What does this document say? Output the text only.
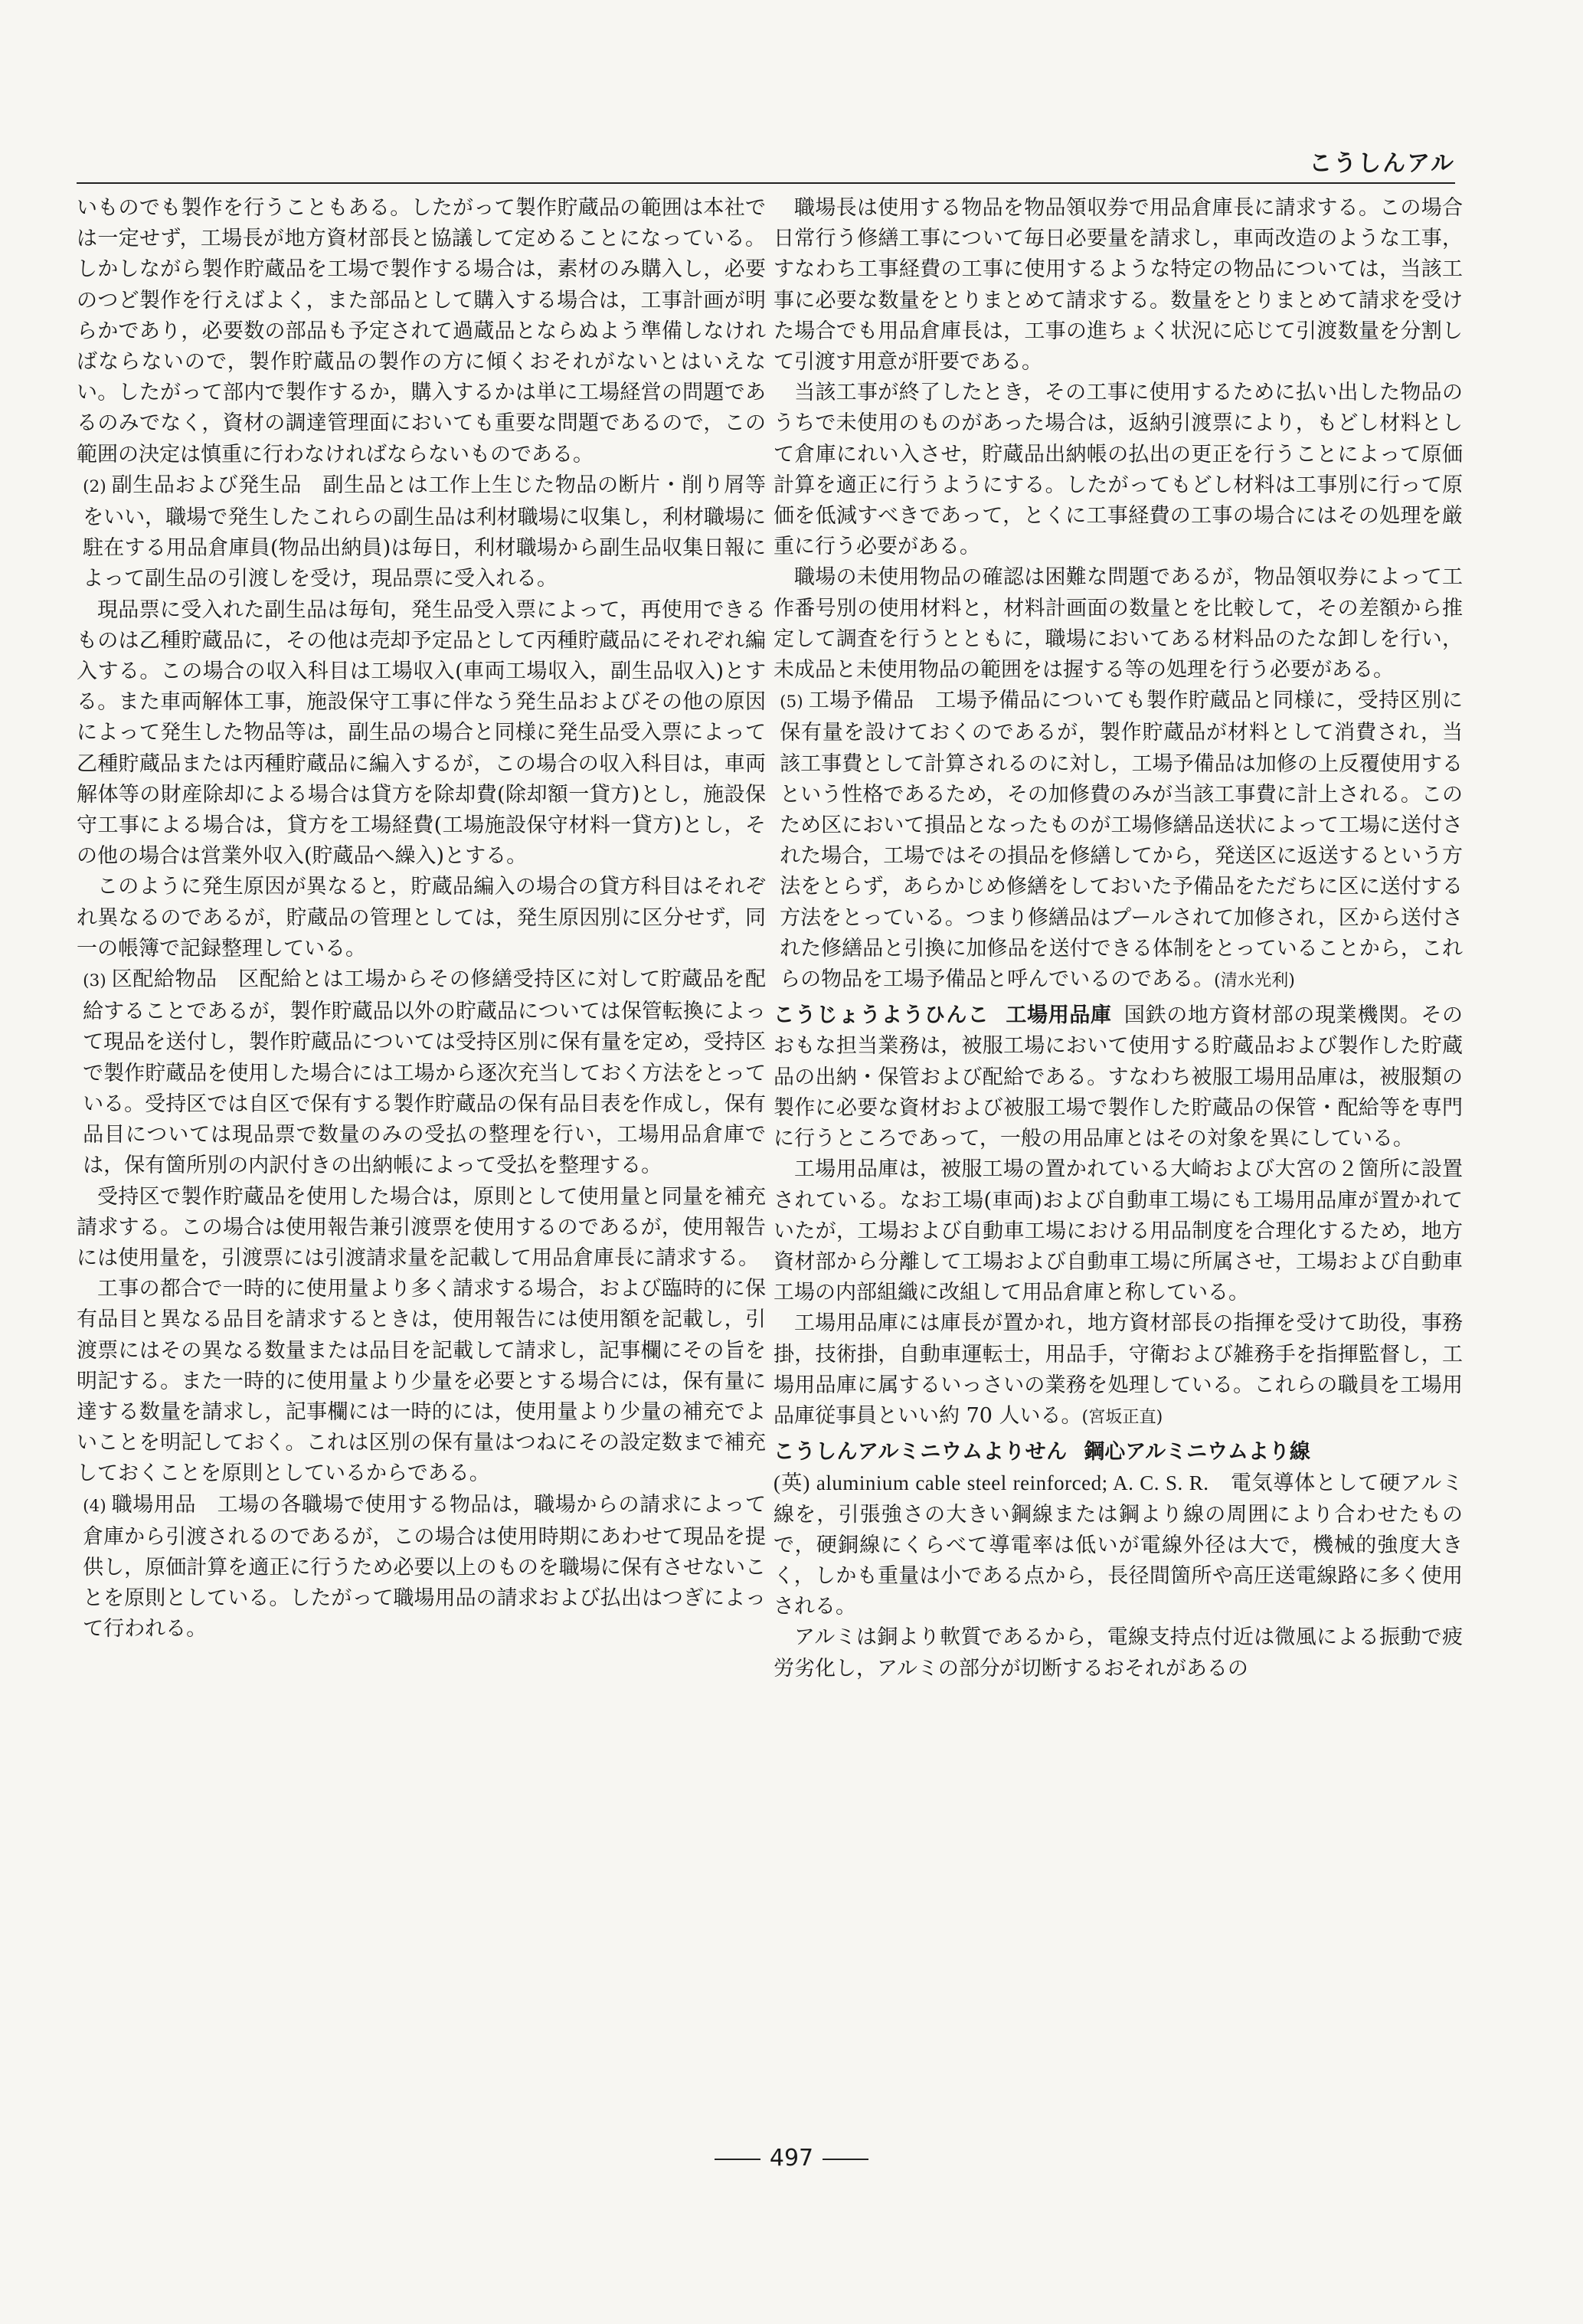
こうしんアル

いものでも製作を行うこともある。したがって製作貯蔵品の範囲は本社では一定せず，工場長が地方資材部長と協議して定めることになっている。しかしながら製作貯蔵品を工場で製作する場合は，素材のみ購入し，必要のつど製作を行えばよく，また部品として購入する場合は，工事計画が明らかであり，必要数の部品も予定されて過蔵品とならぬよう準備しなければならないので，製作貯蔵品の製作の方に傾くおそれがないとはいえない。したがって部内で製作するか，購入するかは単に工場経営の問題であるのみでなく，資材の調達管理面においても重要な問題であるので，この範囲の決定は慎重に行わなければならないものである。

(2) 副生品および発生品　副生品とは工作上生じた物品の断片・削り屑等をいい，職場で発生したこれらの副生品は利材職場に収集し，利材職場に駐在する用品倉庫員(物品出納員)は毎日，利材職場から副生品収集日報によって副生品の引渡しを受け，現品票に受入れる。

現品票に受入れた副生品は毎旬，発生品受入票によって，再使用できるものは乙種貯蔵品に，その他は売却予定品として丙種貯蔵品にそれぞれ編入する。この場合の収入科目は工場収入(車両工場収入，副生品収入)とする。また車両解体工事，施設保守工事に伴なう発生品およびその他の原因によって発生した物品等は，副生品の場合と同様に発生品受入票によって乙種貯蔵品または丙種貯蔵品に編入するが，この場合の収入科目は，車両解体等の財産除却による場合は貸方を除却費(除却額一貸方)とし，施設保守工事による場合は，貸方を工場経費(工場施設保守材料一貸方)とし，その他の場合は営業外収入(貯蔵品へ繰入)とする。

このように発生原因が異なると，貯蔵品編入の場合の貸方科目はそれぞれ異なるのであるが，貯蔵品の管理としては，発生原因別に区分せず，同一の帳簿で記録整理している。

(3) 区配給物品　区配給とは工場からその修繕受持区に対して貯蔵品を配給することであるが，製作貯蔵品以外の貯蔵品については保管転換によって現品を送付し，製作貯蔵品については受持区別に保有量を定め，受持区で製作貯蔵品を使用した場合には工場から逐次充当しておく方法をとっている。受持区では自区で保有する製作貯蔵品の保有品目表を作成し，保有品目については現品票で数量のみの受払の整理を行い，工場用品倉庫では，保有箇所別の内訳付きの出納帳によって受払を整理する。

受持区で製作貯蔵品を使用した場合は，原則として使用量と同量を補充請求する。この場合は使用報告兼引渡票を使用するのであるが，使用報告には使用量を，引渡票には引渡請求量を記載して用品倉庫長に請求する。

工事の都合で一時的に使用量より多く請求する場合，および臨時的に保有品目と異なる品目を請求するときは，使用報告には使用額を記載し，引渡票にはその異なる数量または品目を記載して請求し，記事欄にその旨を明記する。また一時的に使用量より少量を必要とする場合には，保有量に達する数量を請求し，記事欄には一時的には，使用量より少量の補充でよいことを明記しておく。これは区別の保有量はつねにその設定数まで補充しておくことを原則としているからである。

(4) 職場用品　工場の各職場で使用する物品は，職場からの請求によって倉庫から引渡されるのであるが，この場合は使用時期にあわせて現品を提供し，原価計算を適正に行うため必要以上のものを職場に保有させないことを原則としている。したがって職場用品の請求および払出はつぎによって行われる。

職場長は使用する物品を物品領収券で用品倉庫長に請求する。この場合日常行う修繕工事について毎日必要量を請求し，車両改造のような工事，すなわち工事経費の工事に使用するような特定の物品については，当該工事に必要な数量をとりまとめて請求する。数量をとりまとめて請求を受けた場合でも用品倉庫長は，工事の進ちょく状況に応じて引渡数量を分割して引渡す用意が肝要である。

当該工事が終了したとき，その工事に使用するために払い出した物品のうちで未使用のものがあった場合は，返納引渡票により，もどし材料として倉庫にれい入させ，貯蔵品出納帳の払出の更正を行うことによって原価計算を適正に行うようにする。したがってもどし材料は工事別に行って原価を低減すべきであって，とくに工事経費の工事の場合にはその処理を厳重に行う必要がある。

職場の未使用物品の確認は困難な問題であるが，物品領収券によって工作番号別の使用材料と，材料計画面の数量とを比較して，その差額から推定して調査を行うとともに，職場においてある材料品のたな卸しを行い，未成品と未使用物品の範囲をは握する等の処理を行う必要がある。

(5) 工場予備品　工場予備品についても製作貯蔵品と同様に，受持区別に保有量を設けておくのであるが，製作貯蔵品が材料として消費され，当該工事費として計算されるのに対し，工場予備品は加修の上反覆使用するという性格であるため，その加修費のみが当該工事費に計上される。このため区において損品となったものが工場修繕品送状によって工場に送付された場合，工場ではその損品を修繕してから，発送区に返送するという方法をとらず，あらかじめ修繕をしておいた予備品をただちに区に送付する方法をとっている。つまり修繕品はプールされて加修され，区から送付された修繕品と引換に加修品を送付できる体制をとっていることから，これらの物品を工場予備品と呼んでいるのである。(清水光利)

こうじょうようひんこ 工場用品庫 国鉄の地方資材部の現業機関。そのおもな担当業務は，被服工場において使用する貯蔵品および製作した貯蔵品の出納・保管および配給である。すなわち被服工場用品庫は，被服類の製作に必要な資材および被服工場で製作した貯蔵品の保管・配給等を専門に行うところであって，一般の用品庫とはその対象を異にしている。

工場用品庫は，被服工場の置かれている大崎および大宮の２箇所に設置されている。なお工場(車両)および自動車工場にも工場用品庫が置かれていたが，工場および自動車工場における用品制度を合理化するため，地方資材部から分離して工場および自動車工場に所属させ，工場および自動車工場の内部組織に改組して用品倉庫と称している。

工場用品庫には庫長が置かれ，地方資材部長の指揮を受けて助役，事務掛，技術掛，自動車運転士，用品手，守衛および雑務手を指揮監督し，工場用品庫に属するいっさいの業務を処理している。これらの職員を工場用品庫従事員といい約 70 人いる。(宮坂正直)

こうしんアルミニウムよりせん 鋼心アルミニウムより線
(英) aluminium cable steel reinforced; A. C. S. R.　 電気導体として硬アルミ線を，引張強さの大きい鋼線または鋼より線の周囲により合わせたもので，硬銅線にくらべて導電率は低いが電線外径は大で，機械的強度大きく，しかも重量は小である点から，長径間箇所や高圧送電線路に多く使用される。

アルミは銅より軟質であるから，電線支持点付近は微風による振動で疲労劣化し，アルミの部分が切断するおそれがあるの

497
